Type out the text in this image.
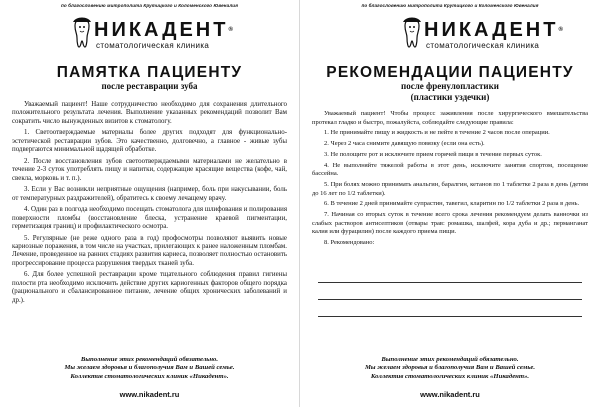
по благословению митрополита Крутицкого и Коломенского Ювеналия
НИКАДЕНТ®
стоматологическая клиника
ПАМЯТКА ПАЦИЕНТУ
после реставрации зуба

Уважаемый пациент! Наше сотрудничество необходимо для сохранения длительного положительного результата лечения. Выполнение указанных рекомендаций позволит Вам сократить число вынужденных визитов к стоматологу.

1. Светоотверждаемые материалы более других подходят для функционально-эстетической реставрации зубов. Это качественно, долговечно, а главное - живые зубы подвергаются минимальной щадящей обработке.

2. После восстановления зубов светоотверждаемыми материалами не желательно в течение 2-3 суток употреблять пищу и напитки, содержащие красящие вещества (кофе, чай, свекла, морковь и т. п.).

3. Если у Вас возникли неприятные ощущения (например, боль при накусывании, боль от температурных раздражителей), обратитесь к своему лечащему врачу.

4. Один раз в полгода необходимо посещать стоматолога для шлифования и полирования поверхности пломбы (восстановление блеска, устранение краевой пигментации, герметизация границ) и профилактического осмотра.

5. Регулярные (не реже одного раза в год) профосмотры позволяют выявить новые кариозные поражения, в том числе на участках, прилегающих к ранее наложенным пломбам. Лечение, проведенное на ранних стадиях развития кариеса, позволяет полностью остановить прогрессирование процесса разрушения твердых тканей зуба.

6. Для более успешной реставрации кроме тщательного соблюдения правил гигиены полости рта необходимо исключить действие других кариогенных факторов общего порядка (рационального и сбалансированное питание, лечение общих хронических заболеваний и др.).

Выполнение этих рекомендаций обязательно.
Мы желаем здоровья и благополучия Вам и Вашей семье.
Коллектив стоматологических клиник «Никадент».
www.nikadent.ru
по благословению митрополита Крутицкого и Коломенского Ювеналия
НИКАДЕНТ®
стоматологическая клиника
РЕКОМЕНДАЦИИ ПАЦИЕНТУ
после френулопластики
(пластики уздечки)

Уважаемый пациент! Чтобы процесс заживления после хирургического вмешательства протекал гладко и быстро, пожалуйста, соблюдайте следующие правила:

1. Не принимайте пищу и жидкость и не пейте в течение 2 часов после операции.

2. Через 2 часа снимите давящую повязку (если она есть).

3. Не полощите рот и исключите прием горячей пищи в течение первых суток.

4. Не выполняйте тяжелой работы в этот день, исключите занятия спортом, посещение бассейна.

5. При болях можно принимать анальгин, баралгин, кетанов по 1 таблетке 2 раза в день (детям до 16 лет по 1/2 таблетки).

6. В течение 2 дней принимайте супрастин, тавегил, кларитин по 1/2 таблетки 2 раза в день.

7. Начиная со вторых суток в течение всего срока лечения рекомендуем делать ванночки из слабых растворов антисептиков (отвары трав: ромашка, шалфей, кора дуба и др.; перманганат калия или фурацилин) после каждого приема пищи.

8. Рекомендовано:

Выполнение этих рекомендаций обязательно.
Мы желаем здоровья и благополучия Вам и Вашей семье.
Коллектив стоматологических клиник «Никадент».
www.nikadent.ru
